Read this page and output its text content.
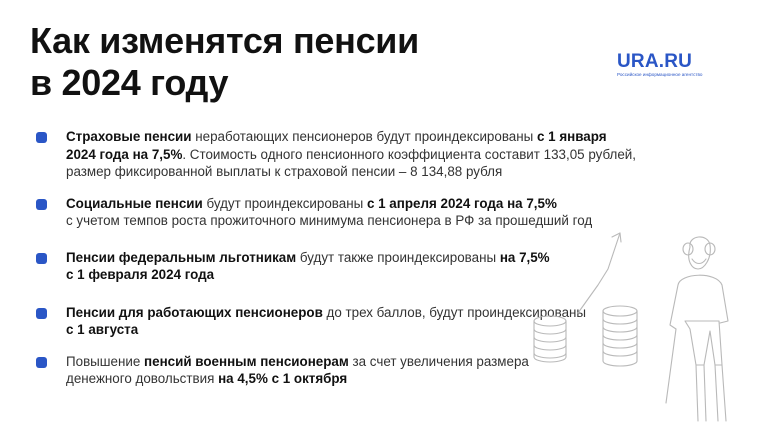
Как изменятся пенсии
в 2024 году
URA.RU
Российское информационное агентство
Страховые пенсии неработающих пенсионеров будут проиндексированы с 1 января
2024 года на 7,5%. Стоимость одного пенсионного коэффициента составит 133,05 рублей,
размер фиксированной выплаты к страховой пенсии – 8 134,88 рубля
Социальные пенсии будут проиндексированы с 1 апреля 2024 года на 7,5%
с учетом темпов роста прожиточного минимума пенсионера в РФ за прошедший год
Пенсии федеральным льготникам будут также проиндексированы на 7,5%
с 1 февраля 2024 года
Пенсии для работающих пенсионеров до трех баллов, будут проиндексированы
с 1 августа
Повышение пенсий военным пенсионерам за счет увеличения размера
денежного довольствия на 4,5% с 1 октября
